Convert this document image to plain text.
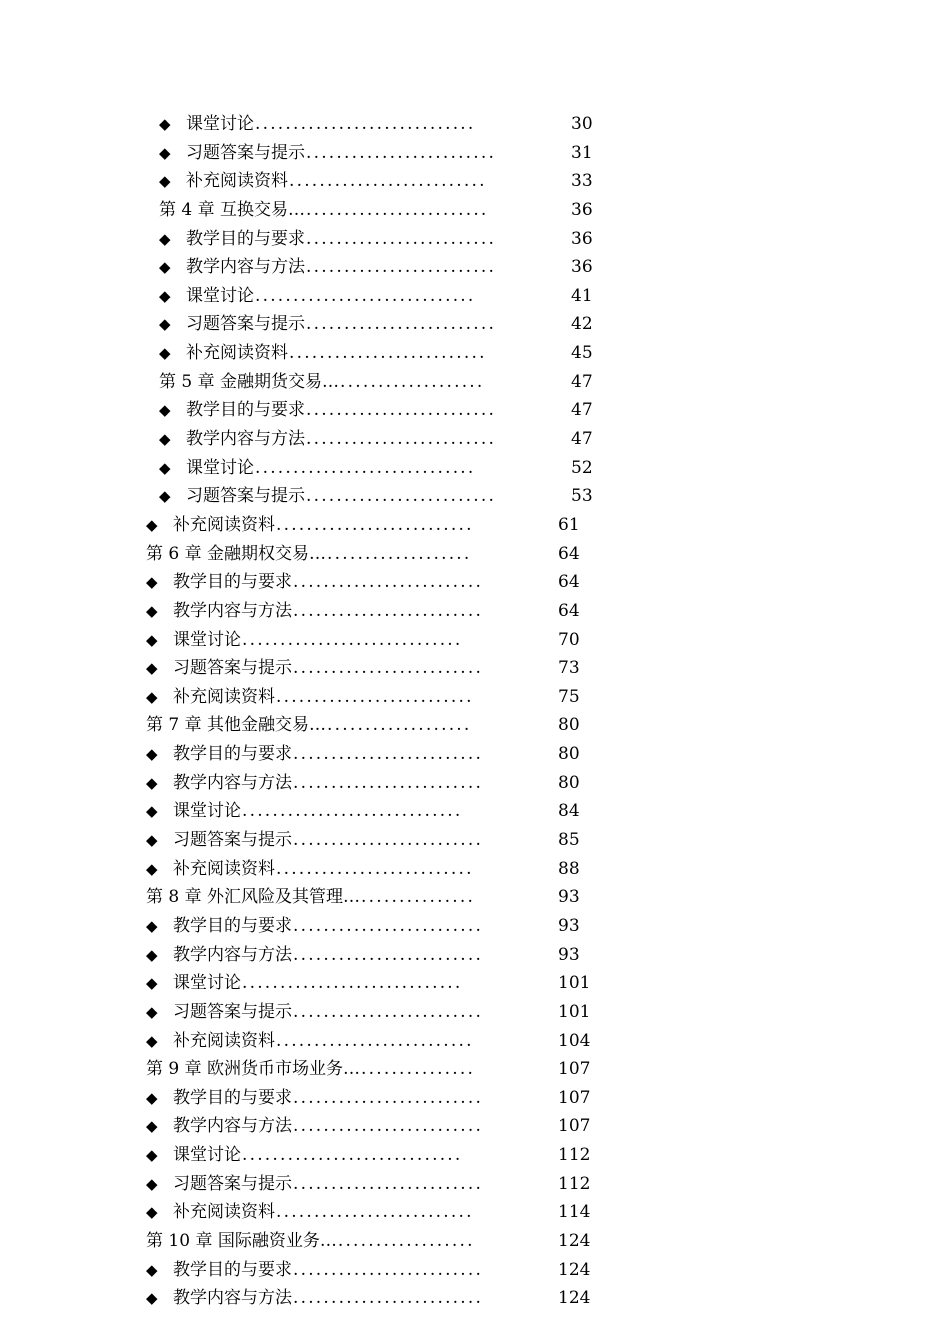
◆ 课堂讨论	30
.............................
◆ 习题答案与提示	31
.........................
◆ 补充阅读资料	33
..........................
第 4 章 互换交易…	36
........................
◆ 教学目的与要求	36
.........................
◆ 教学内容与方法	36
.........................
◆ 课堂讨论	41
.............................
◆ 习题答案与提示	42
.........................
◆ 补充阅读资料	45
..........................
第 5 章 金融期货交易…	47
...................
◆ 教学目的与要求	47
.........................
◆ 教学内容与方法	47
.........................
◆ 课堂讨论	52
.............................
◆ 习题答案与提示	53
.........................
◆ 补充阅读资料	61
..........................
第 6 章 金融期权交易…	64
...................
◆ 教学目的与要求	64
.........................
◆ 教学内容与方法	64
.........................
◆ 课堂讨论	70
.............................
◆ 习题答案与提示	73
.........................
◆ 补充阅读资料	75
..........................
第 7 章 其他金融交易…	80
...................
◆ 教学目的与要求	80
.........................
◆ 教学内容与方法	80
.........................
◆ 课堂讨论	84
.............................
◆ 习题答案与提示	85
.........................
◆ 补充阅读资料	88
..........................
第 8 章 外汇风险及其管理…	93
...............
◆ 教学目的与要求	93
.........................
◆ 教学内容与方法	93
.........................
◆ 课堂讨论	101
.............................
◆ 习题答案与提示	101
.........................
◆ 补充阅读资料	104
..........................
第 9 章 欧洲货币市场业务…	107
...............
◆ 教学目的与要求	107
.........................
◆ 教学内容与方法	107
.........................
◆ 课堂讨论	112
.............................
◆ 习题答案与提示	112
.........................
◆ 补充阅读资料	114
..........................
第 10 章 国际融资业务…	124
..................
◆ 教学目的与要求	124
.........................
◆ 教学内容与方法	124
.........................
